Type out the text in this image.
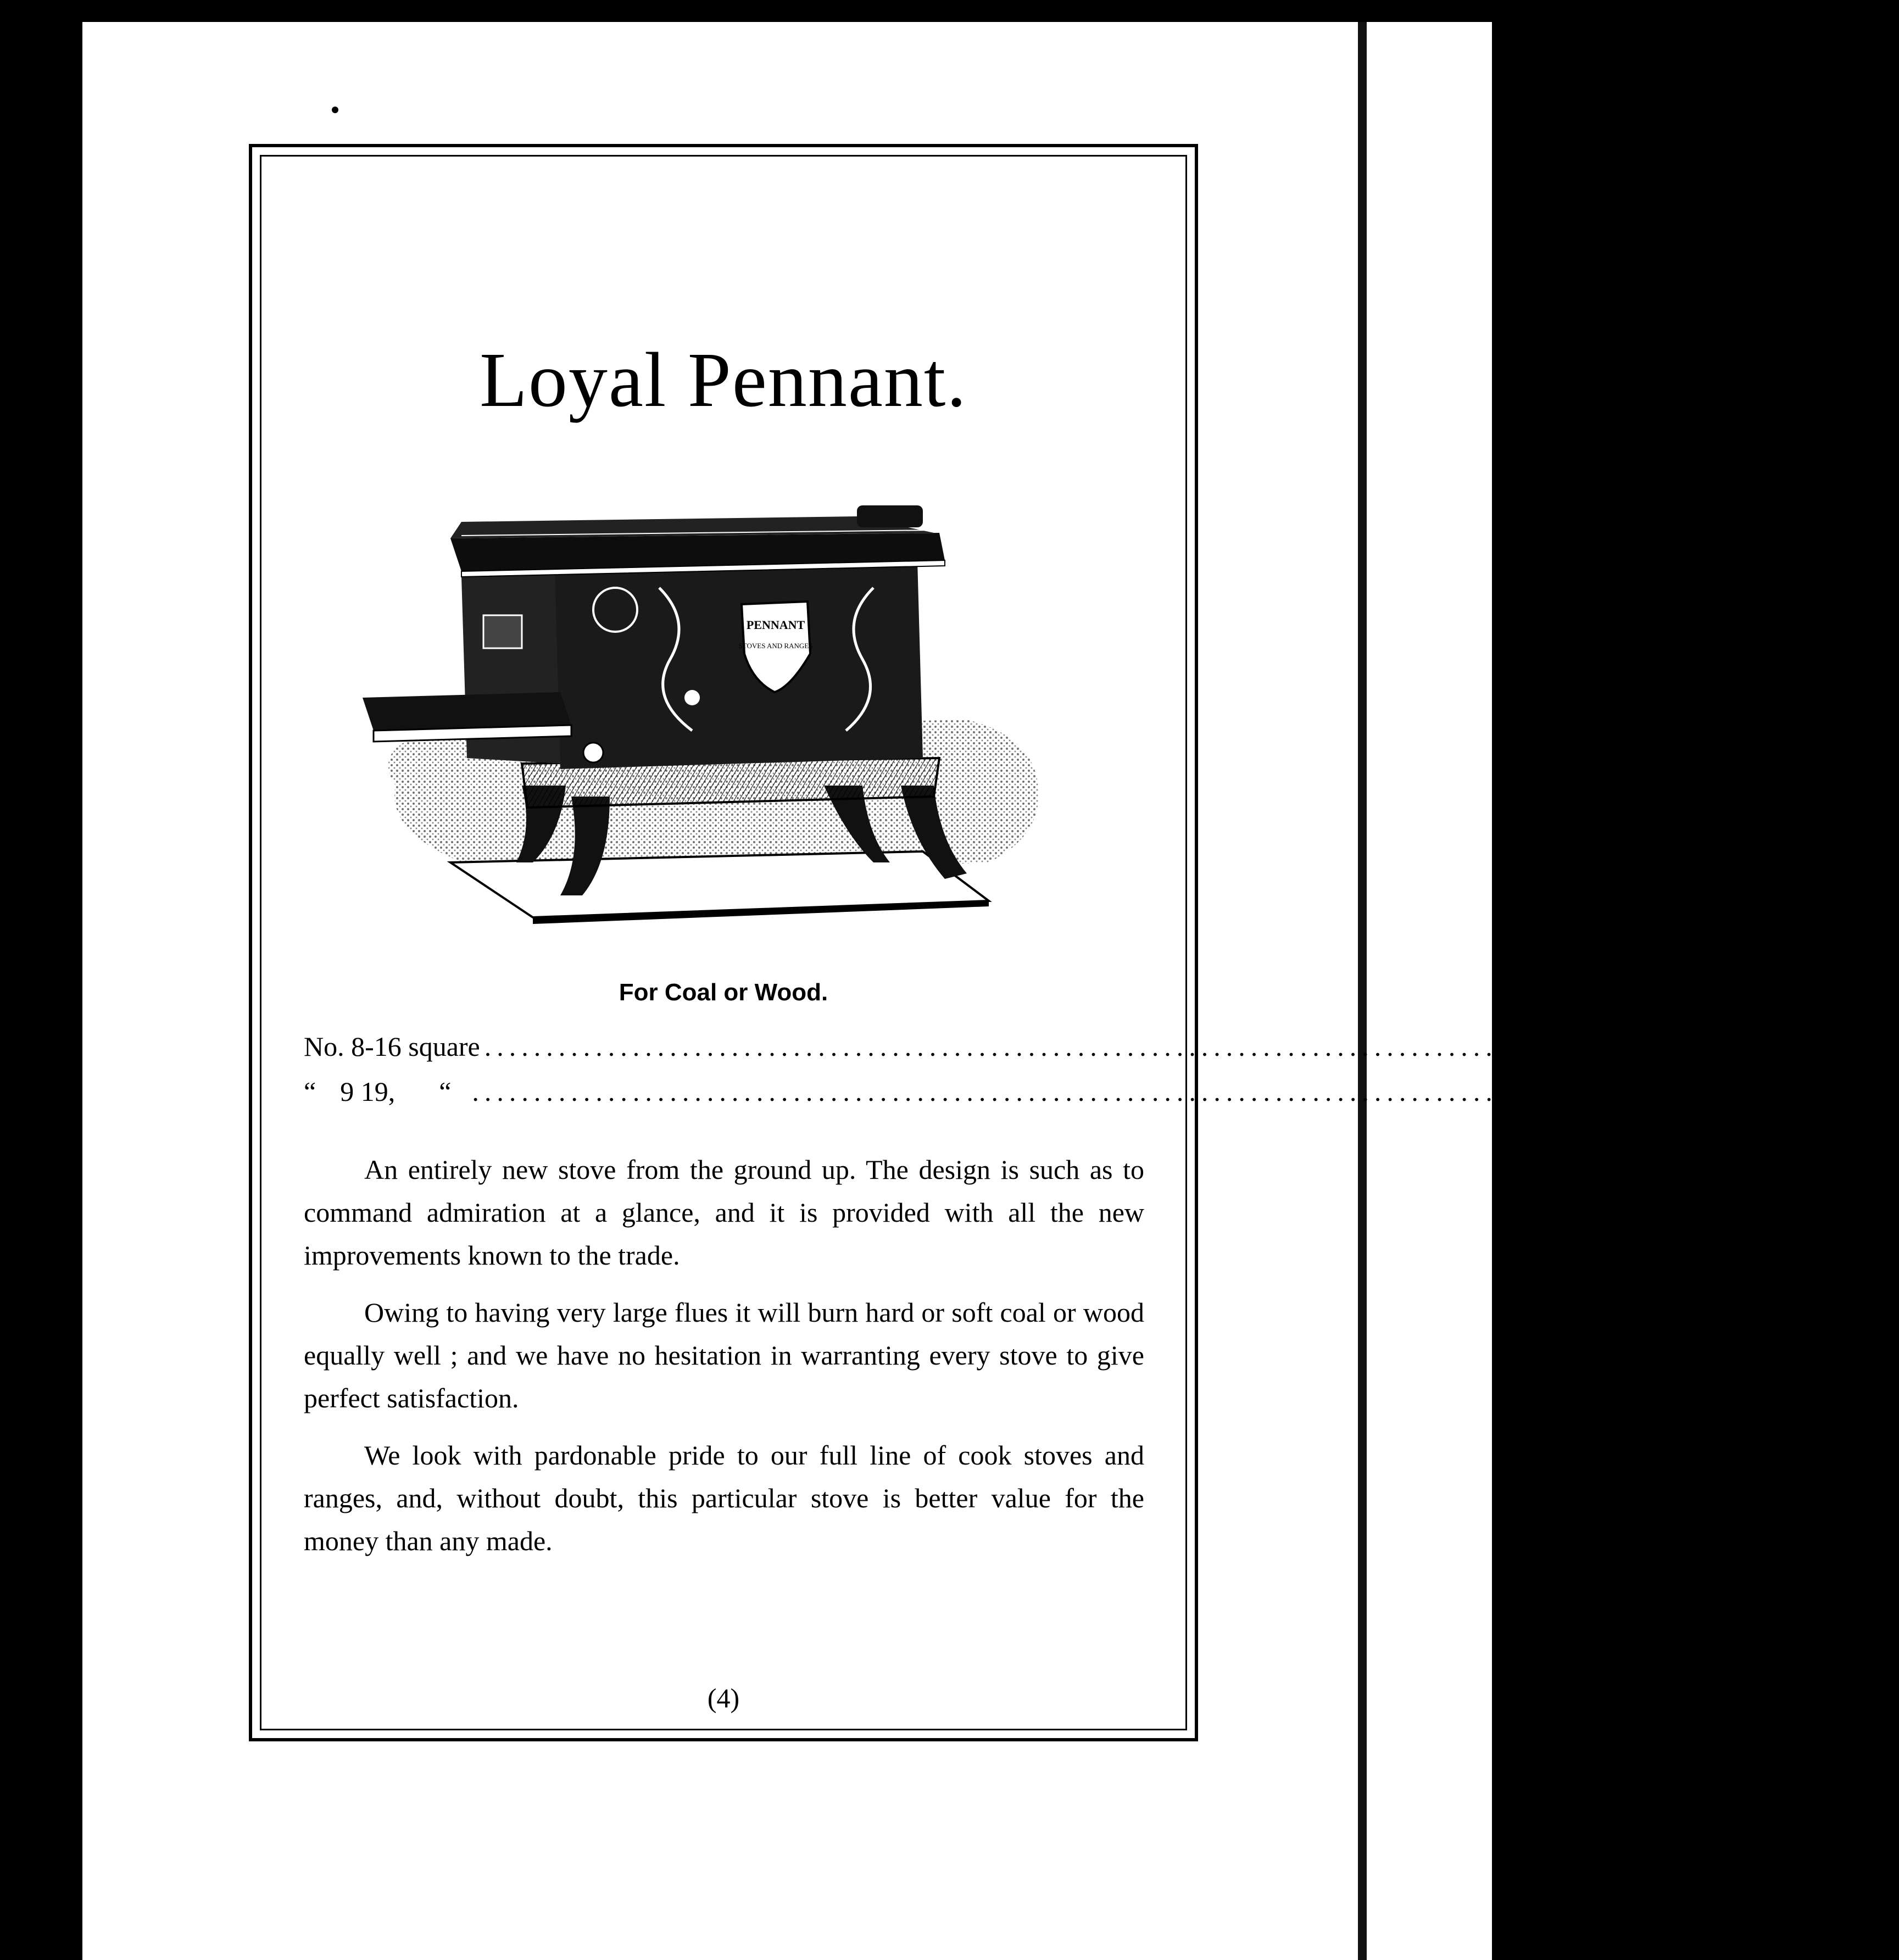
Loyal Pennant.
PENNANT
STOVES AND RANGES
For Coal or Wood.
No. 8-16 square ............................................................................................................ $32 80
“ 9 19, “ ............................................................................................................ 37 60

An entirely new stove from the ground up. The design is such as to command admiration at a glance, and it is provided with all the new improvements known to the trade.

Owing to having very large flues it will burn hard or soft coal or wood equally well ; and we have no hesitation in warranting every stove to give perfect satisfaction.

We look with pardonable pride to our full line of cook stoves and ranges, and, without doubt, this particular stove is better value for the money than any made.

(4)
